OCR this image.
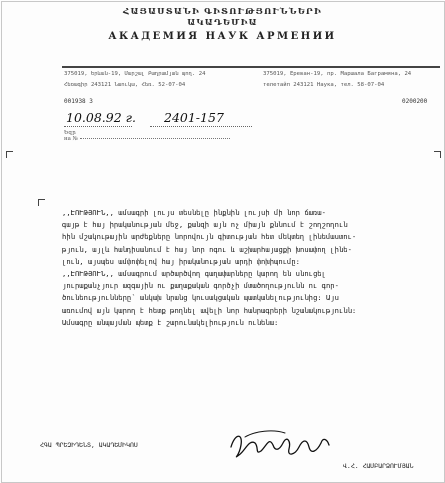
ՀԱՅԱՍՏԱՆԻ ԳԻՏՈՒԹՅՈՒՆՆԵՐԻ
ԱԿԱԴԵՄԻԱ
АКАДЕМИЯ НАУК АРМЕНИИ
375019, Երևան-19, Մարշալ Բաղրամյան պող. 24
Հեռագիր 243121 Նաուկա, Հեռ. 52-07-04
375019, Ереван-19, пр. Маршала Баграмяна, 24
телетайп 243121 Наука, тел. 58-07-04
001938 3	0200200
10.08.92 г. 2401-157
Եզր
на №
,,ԷՈՒԹՅՈՒՆ,, ամսագրի լույս տեսնելը ինքնին լույսի մի նոր ճառա-
գայթ է հայ իրականության մեջ, քանզի այն ոչ միայն քննում է շողշողուն
հին մշակութային արժեքները նորովույն գիտության հետ մեկտեղ լինեմաստու-
թյուն, այլև հանդիսանում է հայ նոր ոգու և աշխարհայացքի խոսափող լինե-
լուն, այսպես ամփոփելով հայ իրականության արդի փոխիպումը:
,,ԷՈՒԹՅՈՒՆ,, ամսագրում արծարծվող գաղափարները կարող են սնուցել
յուրաքանչյուր ազգային ու քաղաքական գործչի մտածողությունն ու գոր-
ծունեությունները՝ անկախ նրանց կուսակցական պատկանելությունից: Այս
առումով այն կարող է հետք թողնել ավելի նոր հանրագրերի նշանակությունն:
Ամսագրը անպայման պետք է շարունակելիություն ունենա:
ՀԳԱ ՊՐԵԶԻԴԵՆՏ, ԱԿԱԴԵՄԻԿՈՍ
Վ.Հ. ՀԱՄԲԱՐՁՈՒՄՅԱՆ
